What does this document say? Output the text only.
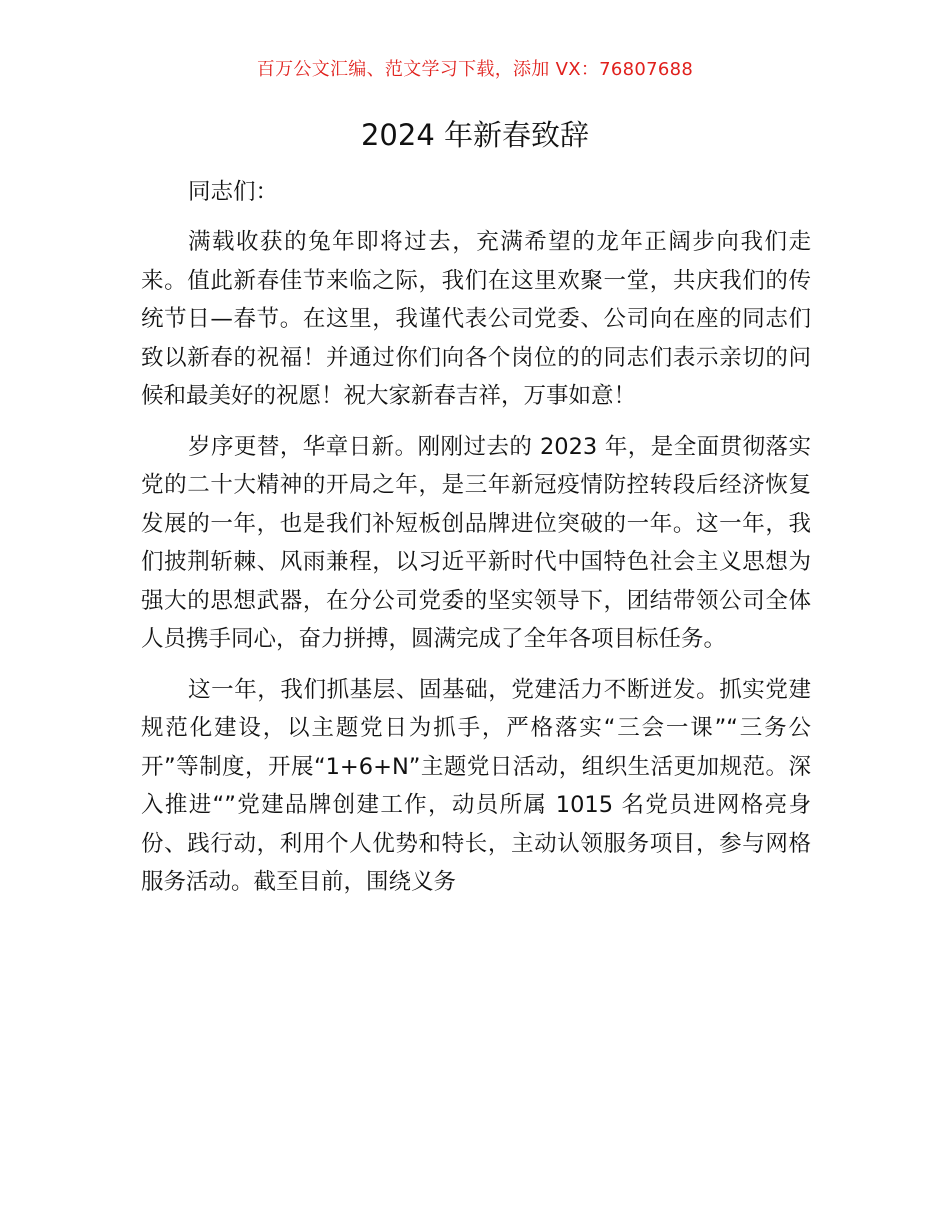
百万公文汇编、范文学习下载，添加 VX：76807688
2024 年新春致辞

同志们：

满载收获的兔年即将过去，充满希望的龙年正阔步向我们走来。值此新春佳节来临之际，我们在这里欢聚一堂，共庆我们的传统节日—春节。在这里，我谨代表公司党委、公司向在座的同志们致以新春的祝福！并通过你们向各个岗位的的同志们表示亲切的问候和最美好的祝愿！祝大家新春吉祥，万事如意！

岁序更替，华章日新。刚刚过去的 2023 年，是全面贯彻落实党的二十大精神的开局之年，是三年新冠疫情防控转段后经济恢复发展的一年，也是我们补短板创品牌进位突破的一年。这一年，我们披荆斩棘、风雨兼程，以习近平新时代中国特色社会主义思想为强大的思想武器，在分公司党委的坚实领导下，团结带领公司全体人员携手同心，奋力拼搏，圆满完成了全年各项目标任务。

这一年，我们抓基层、固基础，党建活力不断迸发。抓实党建规范化建设，以主题党日为抓手，严格落实“三会一课”“三务公开”等制度，开展“1+6+N”主题党日活动，组织生活更加规范。深入推进“”党建品牌创建工作，动员所属 1015 名党员进网格亮身份、践行动，利用个人优势和特长，主动认领服务项目，参与网格服务活动。截至目前，围绕义务
